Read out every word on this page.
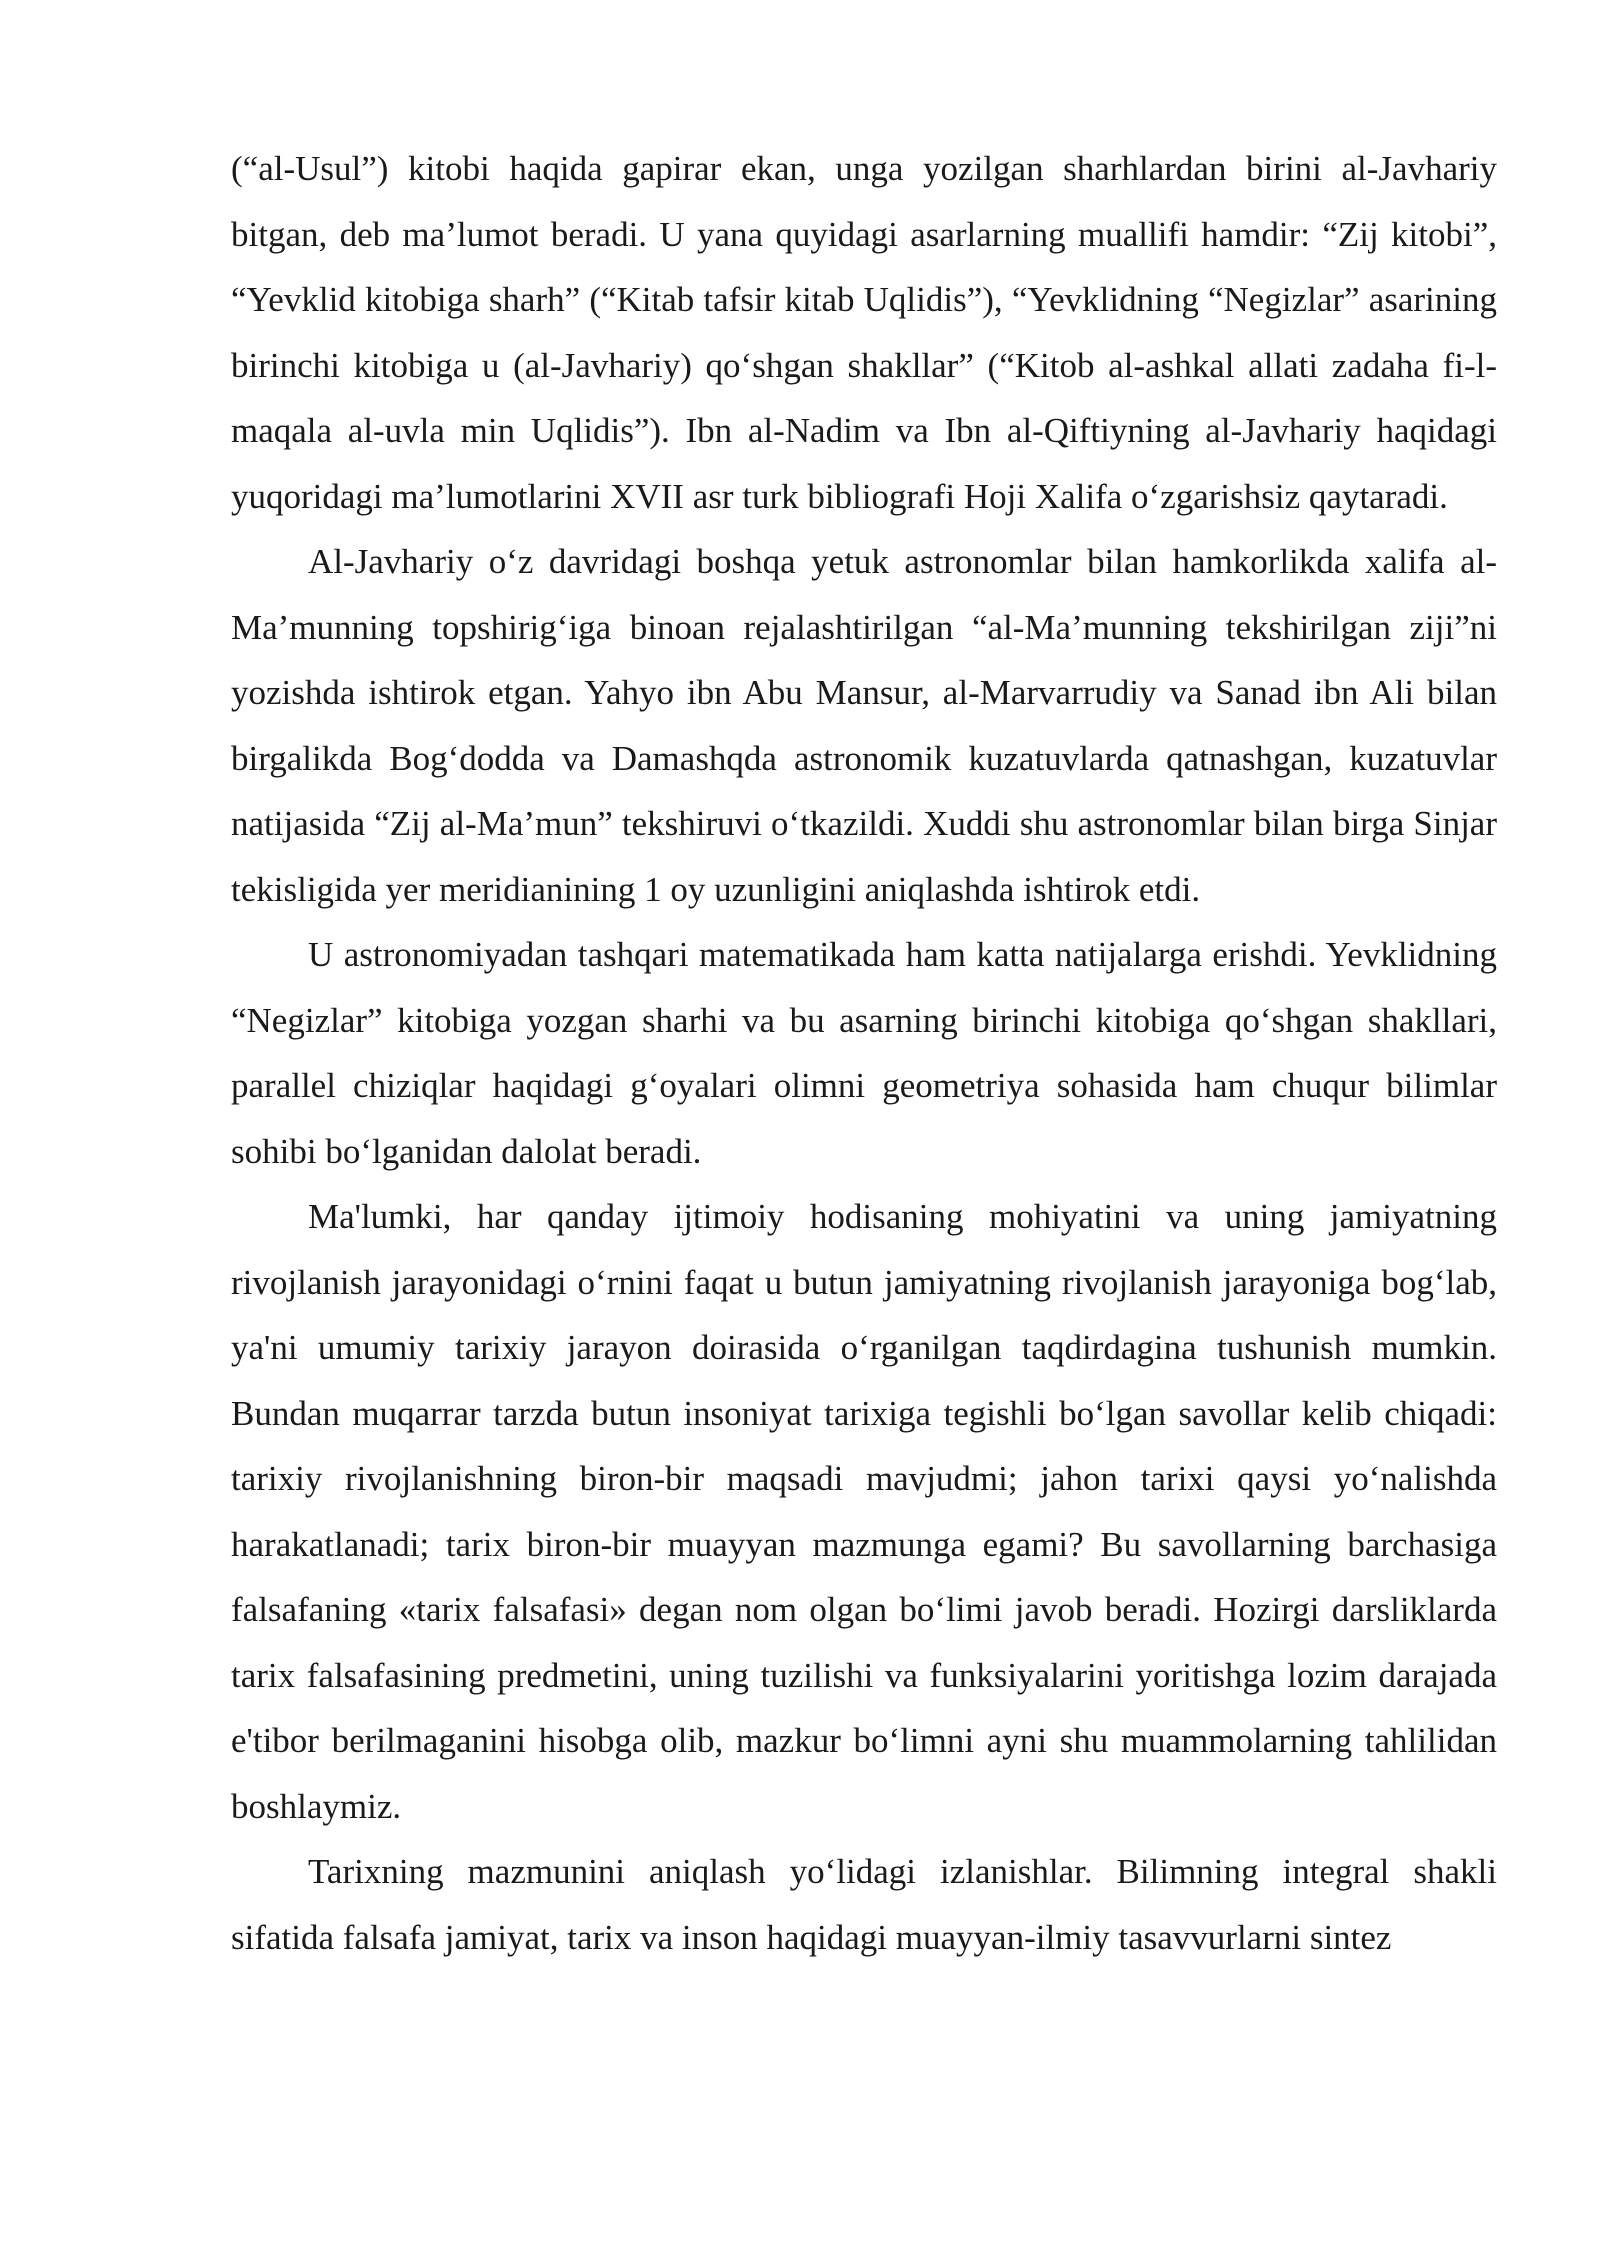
(“al-Usul”) kitobi haqida gapirar ekan, unga yozilgan sharhlardan birini al-Javhariy bitgan, deb ma’lumot beradi. U yana quyidagi asarlarning muallifi hamdir: “Zij kitobi”, “Yevklid kitobiga sharh” (“Kitab tafsir kitab Uqlidis”), “Yevklidning “Negizlar” asarining birinchi kitobiga u (al-Javhariy) qo‘shgan shakllar” (“Kitob al-ashkal allati zadaha fi-l-maqala al-uvla min Uqlidis”). Ibn al-Nadim va Ibn al-Qiftiyning al-Javhariy haqidagi yuqoridagi ma’lumotlarini XVII asr turk bibliografi Hoji Xalifa o‘zgarishsiz qaytaradi.

Al-Javhariy o‘z davridagi boshqa yetuk astronomlar bilan hamkorlikda xalifa al-Ma’munning topshirig‘iga binoan rejalashtirilgan “al-Ma’munning tekshirilgan ziji”ni yozishda ishtirok etgan. Yahyo ibn Abu Mansur, al-Marvarrudiy va Sanad ibn Ali bilan birgalikda Bog‘dodda va Damashqda astronomik kuzatuvlarda qatnashgan, kuzatuvlar natijasida “Zij al-Ma’mun” tekshiruvi o‘tkazildi. Xuddi shu astronomlar bilan birga Sinjar tekisligida yer meridianining 1 oy uzunligini aniqlashda ishtirok etdi.

U astronomiyadan tashqari matematikada ham katta natijalarga erishdi. Yevklidning “Negizlar” kitobiga yozgan sharhi va bu asarning birinchi kitobiga qo‘shgan shakllari, parallel chiziqlar haqidagi g‘oyalari olimni geometriya sohasida ham chuqur bilimlar sohibi bo‘lganidan dalolat beradi.

Ma'lumki, har qanday ijtimoiy hodisaning mohiyatini va uning jamiyatning rivojlanish jarayonidagi o‘rnini faqat u butun jamiyatning rivojlanish jarayoniga bog‘lab, ya'ni umumiy tarixiy jarayon doirasida o‘rganilgan taqdirdagina tushunish mumkin. Bundan muqarrar tarzda butun insoniyat tarixiga tegishli bo‘lgan savollar kelib chiqadi: tarixiy rivojlanishning biron-bir maqsadi mavjudmi; jahon tarixi qaysi yo‘nalishda harakatlanadi; tarix biron-bir muayyan mazmunga egami? Bu savollarning barchasiga falsafaning «tarix falsafasi» degan nom olgan bo‘limi javob beradi. Hozirgi darsliklarda tarix falsafasining predmetini, uning tuzilishi va funksiyalarini yoritishga lozim darajada e'tibor berilmaganini hisobga olib, mazkur bo‘limni ayni shu muammolarning tahlilidan boshlaymiz.

Tarixning mazmunini aniqlash yo‘lidagi izlanishlar. Bilimning integral shakli sifatida falsafa jamiyat, tarix va inson haqidagi muayyan-ilmiy tasavvurlarni sintez
